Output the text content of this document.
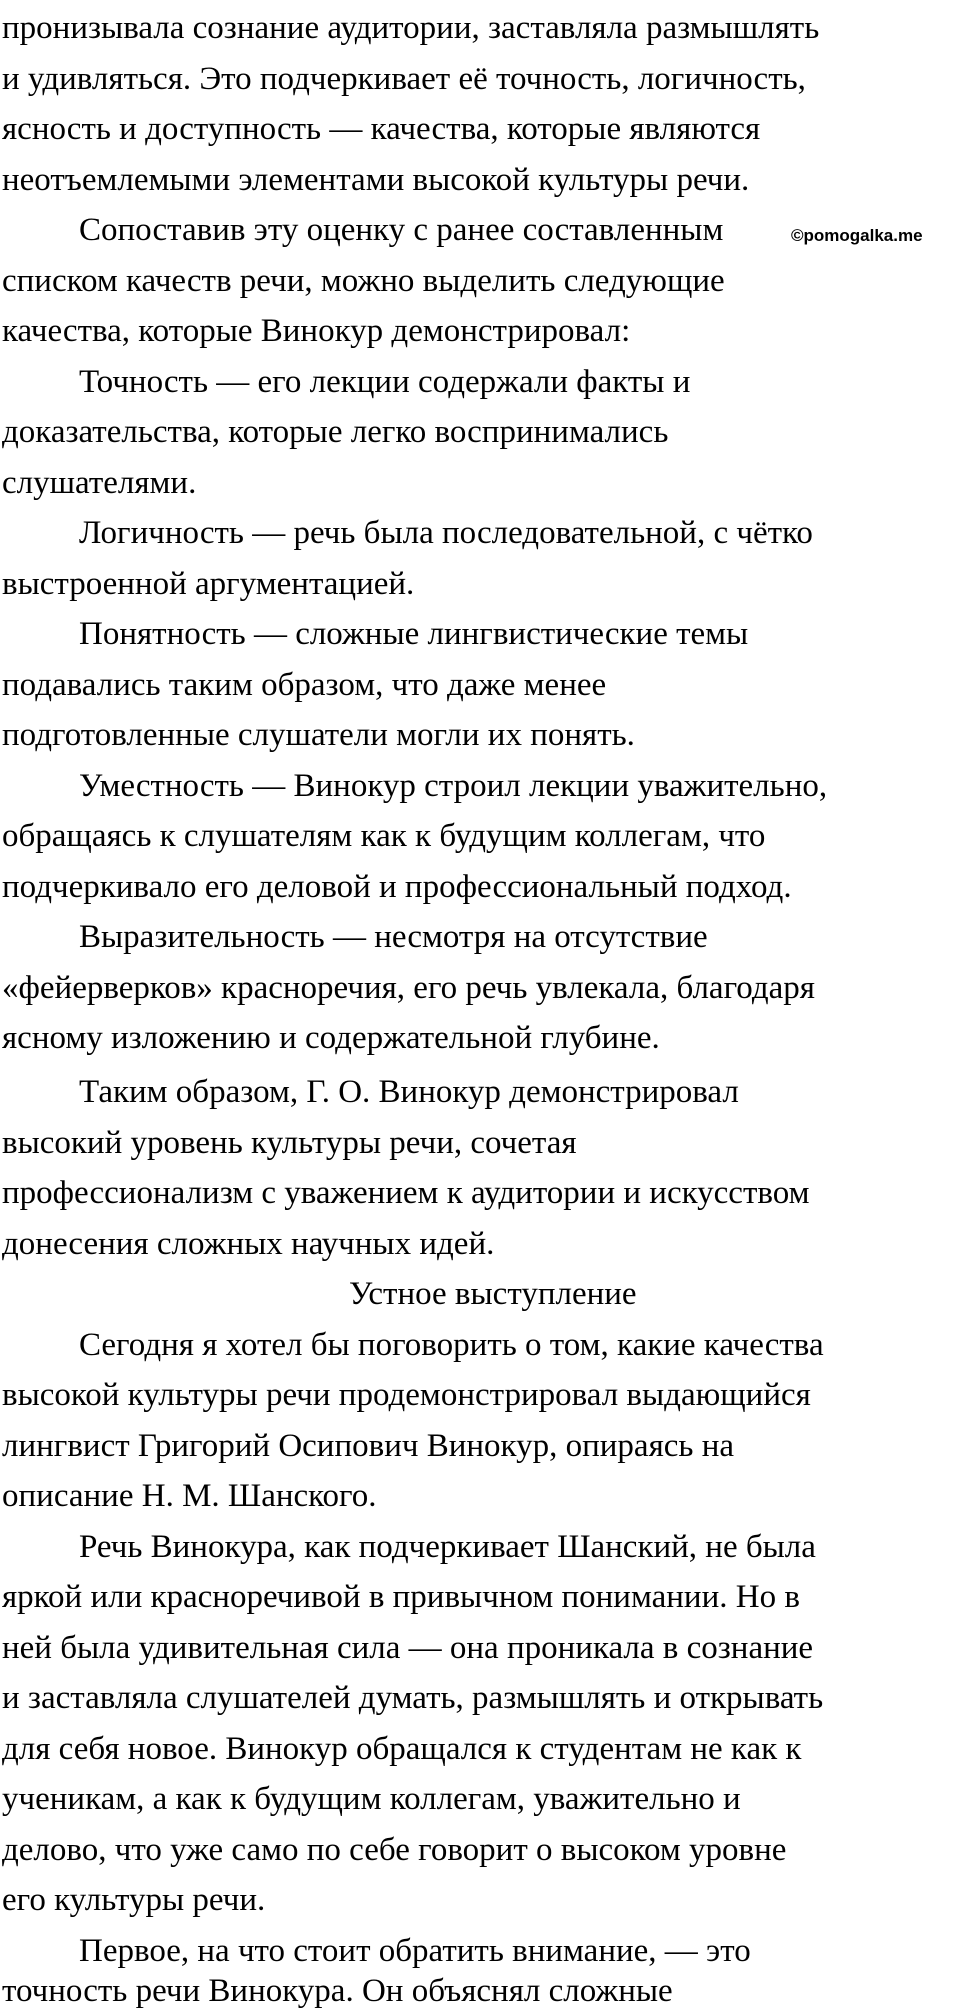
©pomogalka.me
пронизывала сознание аудитории, заставляла размышлять
и удивляться. Это подчеркивает её точность, логичность,
ясность и доступность — качества, которые являются
неотъемлемыми элементами высокой культуры речи.
Сопоставив эту оценку с ранее составленным
списком качеств речи, можно выделить следующие
качества, которые Винокур демонстрировал:
Точность — его лекции содержали факты и
доказательства, которые легко воспринимались
слушателями.
Логичность — речь была последовательной, с чётко
выстроенной аргументацией.
Понятность — сложные лингвистические темы
подавались таким образом, что даже менее
подготовленные слушатели могли их понять.
Уместность — Винокур строил лекции уважительно,
обращаясь к слушателям как к будущим коллегам, что
подчеркивало его деловой и профессиональный подход.
Выразительность — несмотря на отсутствие
«фейерверков» красноречия, его речь увлекала, благодаря
ясному изложению и содержательной глубине.
Таким образом, Г. О. Винокур демонстрировал
высокий уровень культуры речи, сочетая
профессионализм с уважением к аудитории и искусством
донесения сложных научных идей.
Устное выступление
Сегодня я хотел бы поговорить о том, какие качества
высокой культуры речи продемонстрировал выдающийся
лингвист Григорий Осипович Винокур, опираясь на
описание Н. М. Шанского.
Речь Винокура, как подчеркивает Шанский, не была
яркой или красноречивой в привычном понимании. Но в
ней была удивительная сила — она проникала в сознание
и заставляла слушателей думать, размышлять и открывать
для себя новое. Винокур обращался к студентам не как к
ученикам, а как к будущим коллегам, уважительно и
делово, что уже само по себе говорит о высоком уровне
его культуры речи.
Первое, на что стоит обратить внимание, — это
точность речи Винокура. Он объяснял сложные
